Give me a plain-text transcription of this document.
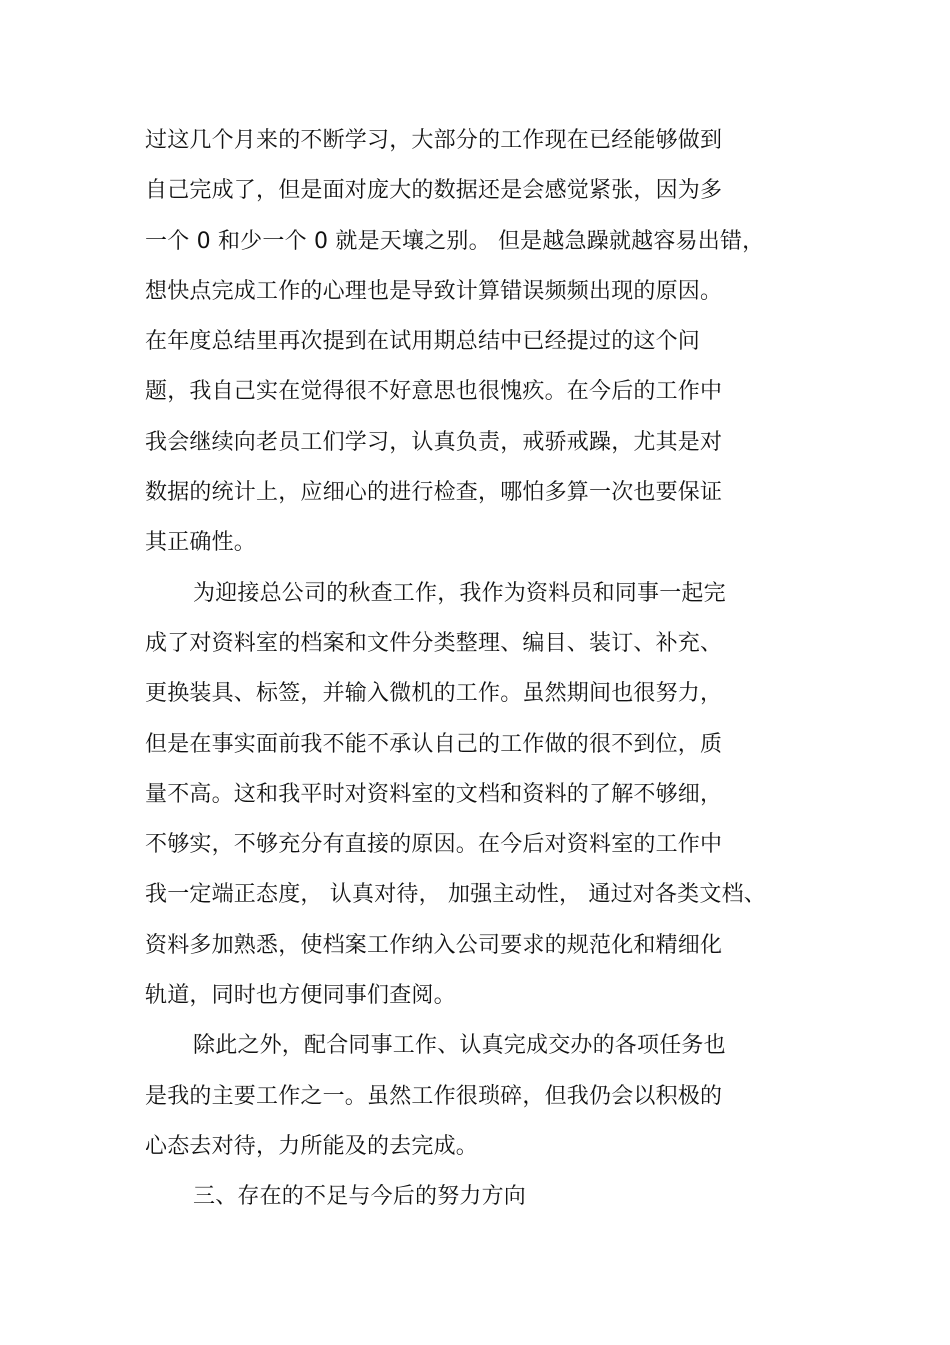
过这几个月来的不断学习，大部分的工作现在已经能够做到
自己完成了，但是面对庞大的数据还是会感觉紧张，因为多
一个 0 和少一个 0 就是天壤之别。 但是越急躁就越容易出错，
想快点完成工作的心理也是导致计算错误频频出现的原因。
在年度总结里再次提到在试用期总结中已经提过的这个问
题，我自己实在觉得很不好意思也很愧疚。在今后的工作中
我会继续向老员工们学习，认真负责，戒骄戒躁，尤其是对
数据的统计上，应细心的进行检查，哪怕多算一次也要保证
其正确性。
为迎接总公司的秋查工作，我作为资料员和同事一起完
成了对资料室的档案和文件分类整理、编目、装订、补充、
更换装具、标签，并输入微机的工作。虽然期间也很努力，
但是在事实面前我不能不承认自己的工作做的很不到位，质
量不高。这和我平时对资料室的文档和资料的了解不够细，
不够实，不够充分有直接的原因。在今后对资料室的工作中
我一定端正态度， 认真对待， 加强主动性， 通过对各类文档、
资料多加熟悉，使档案工作纳入公司要求的规范化和精细化
轨道，同时也方便同事们查阅。
除此之外，配合同事工作、认真完成交办的各项任务也
是我的主要工作之一。虽然工作很琐碎，但我仍会以积极的
心态去对待，力所能及的去完成。
三、存在的不足与今后的努力方向
